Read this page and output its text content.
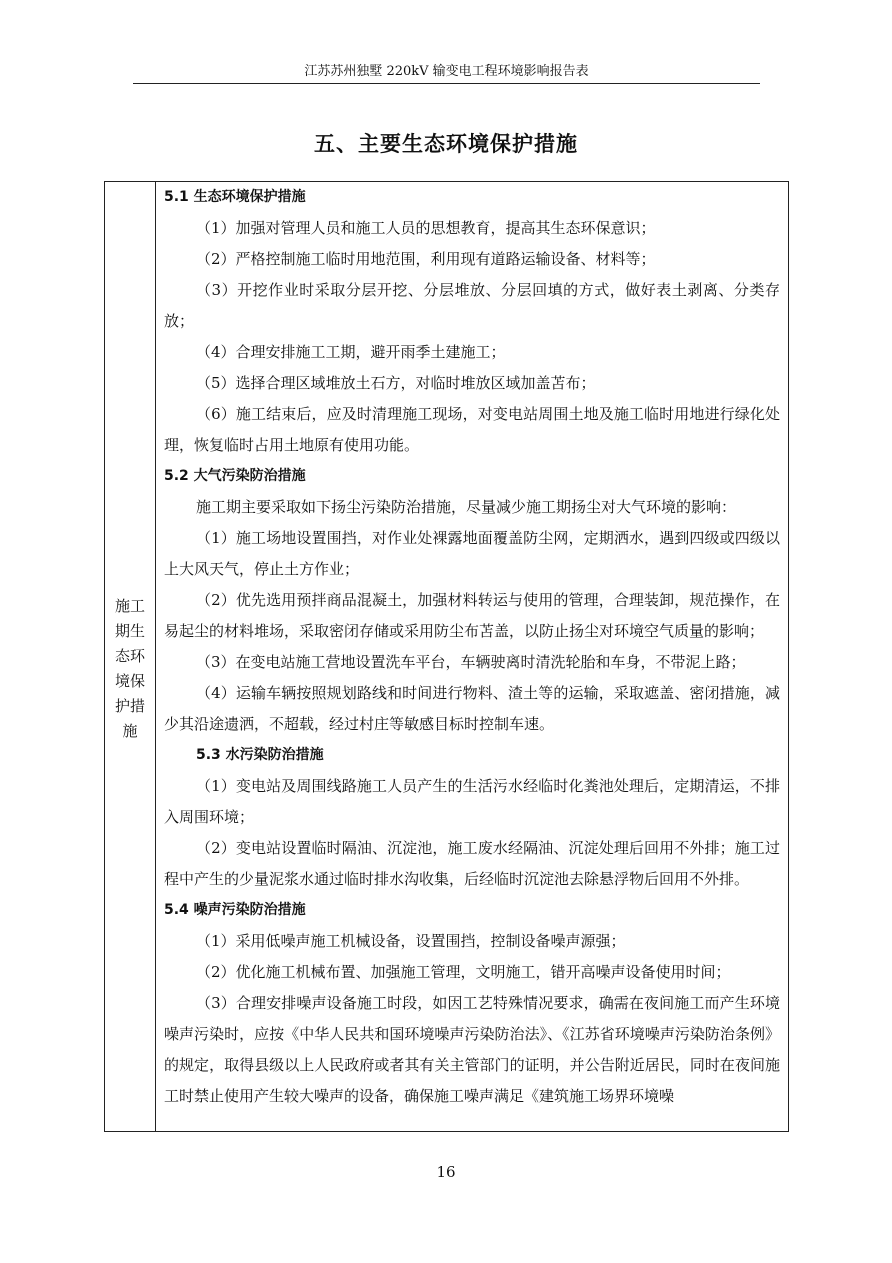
江苏苏州独墅 220kV 输变电工程环境影响报告表
五、主要生态环境保护措施
施工
期生
态环
境保
护措
施

5.1 生态环境保护措施

（1）加强对管理人员和施工人员的思想教育，提高其生态环保意识；

（2）严格控制施工临时用地范围，利用现有道路运输设备、材料等；

（3）开挖作业时采取分层开挖、分层堆放、分层回填的方式，做好表土剥离、分类存放；

（4）合理安排施工工期，避开雨季土建施工；

（5）选择合理区域堆放土石方，对临时堆放区域加盖苫布；

（6）施工结束后，应及时清理施工现场，对变电站周围土地及施工临时用地进行绿化处理，恢复临时占用土地原有使用功能。

5.2 大气污染防治措施

施工期主要采取如下扬尘污染防治措施，尽量减少施工期扬尘对大气环境的影响：

（1）施工场地设置围挡，对作业处裸露地面覆盖防尘网，定期洒水，遇到四级或四级以上大风天气，停止土方作业；

（2）优先选用预拌商品混凝土，加强材料转运与使用的管理，合理装卸，规范操作，在易起尘的材料堆场，采取密闭存储或采用防尘布苫盖，以防止扬尘对环境空气质量的影响；

（3）在变电站施工营地设置洗车平台，车辆驶离时清洗轮胎和车身，不带泥上路；

（4）运输车辆按照规划路线和时间进行物料、渣土等的运输，采取遮盖、密闭措施，减少其沿途遗洒，不超载，经过村庄等敏感目标时控制车速。

5.3 水污染防治措施

（1）变电站及周围线路施工人员产生的生活污水经临时化粪池处理后，定期清运，不排入周围环境；

（2）变电站设置临时隔油、沉淀池，施工废水经隔油、沉淀处理后回用不外排；施工过程中产生的少量泥浆水通过临时排水沟收集，后经临时沉淀池去除悬浮物后回用不外排。

5.4 噪声污染防治措施

（1）采用低噪声施工机械设备，设置围挡，控制设备噪声源强；

（2）优化施工机械布置、加强施工管理，文明施工，错开高噪声设备使用时间；

（3）合理安排噪声设备施工时段，如因工艺特殊情况要求，确需在夜间施工而产生环境噪声污染时，应按《中华人民共和国环境噪声污染防治法》、《江苏省环境噪声污染防治条例》的规定，取得县级以上人民政府或者其有关主管部门的证明，并公告附近居民，同时在夜间施工时禁止使用产生较大噪声的设备，确保施工噪声满足《建筑施工场界环境噪

16
